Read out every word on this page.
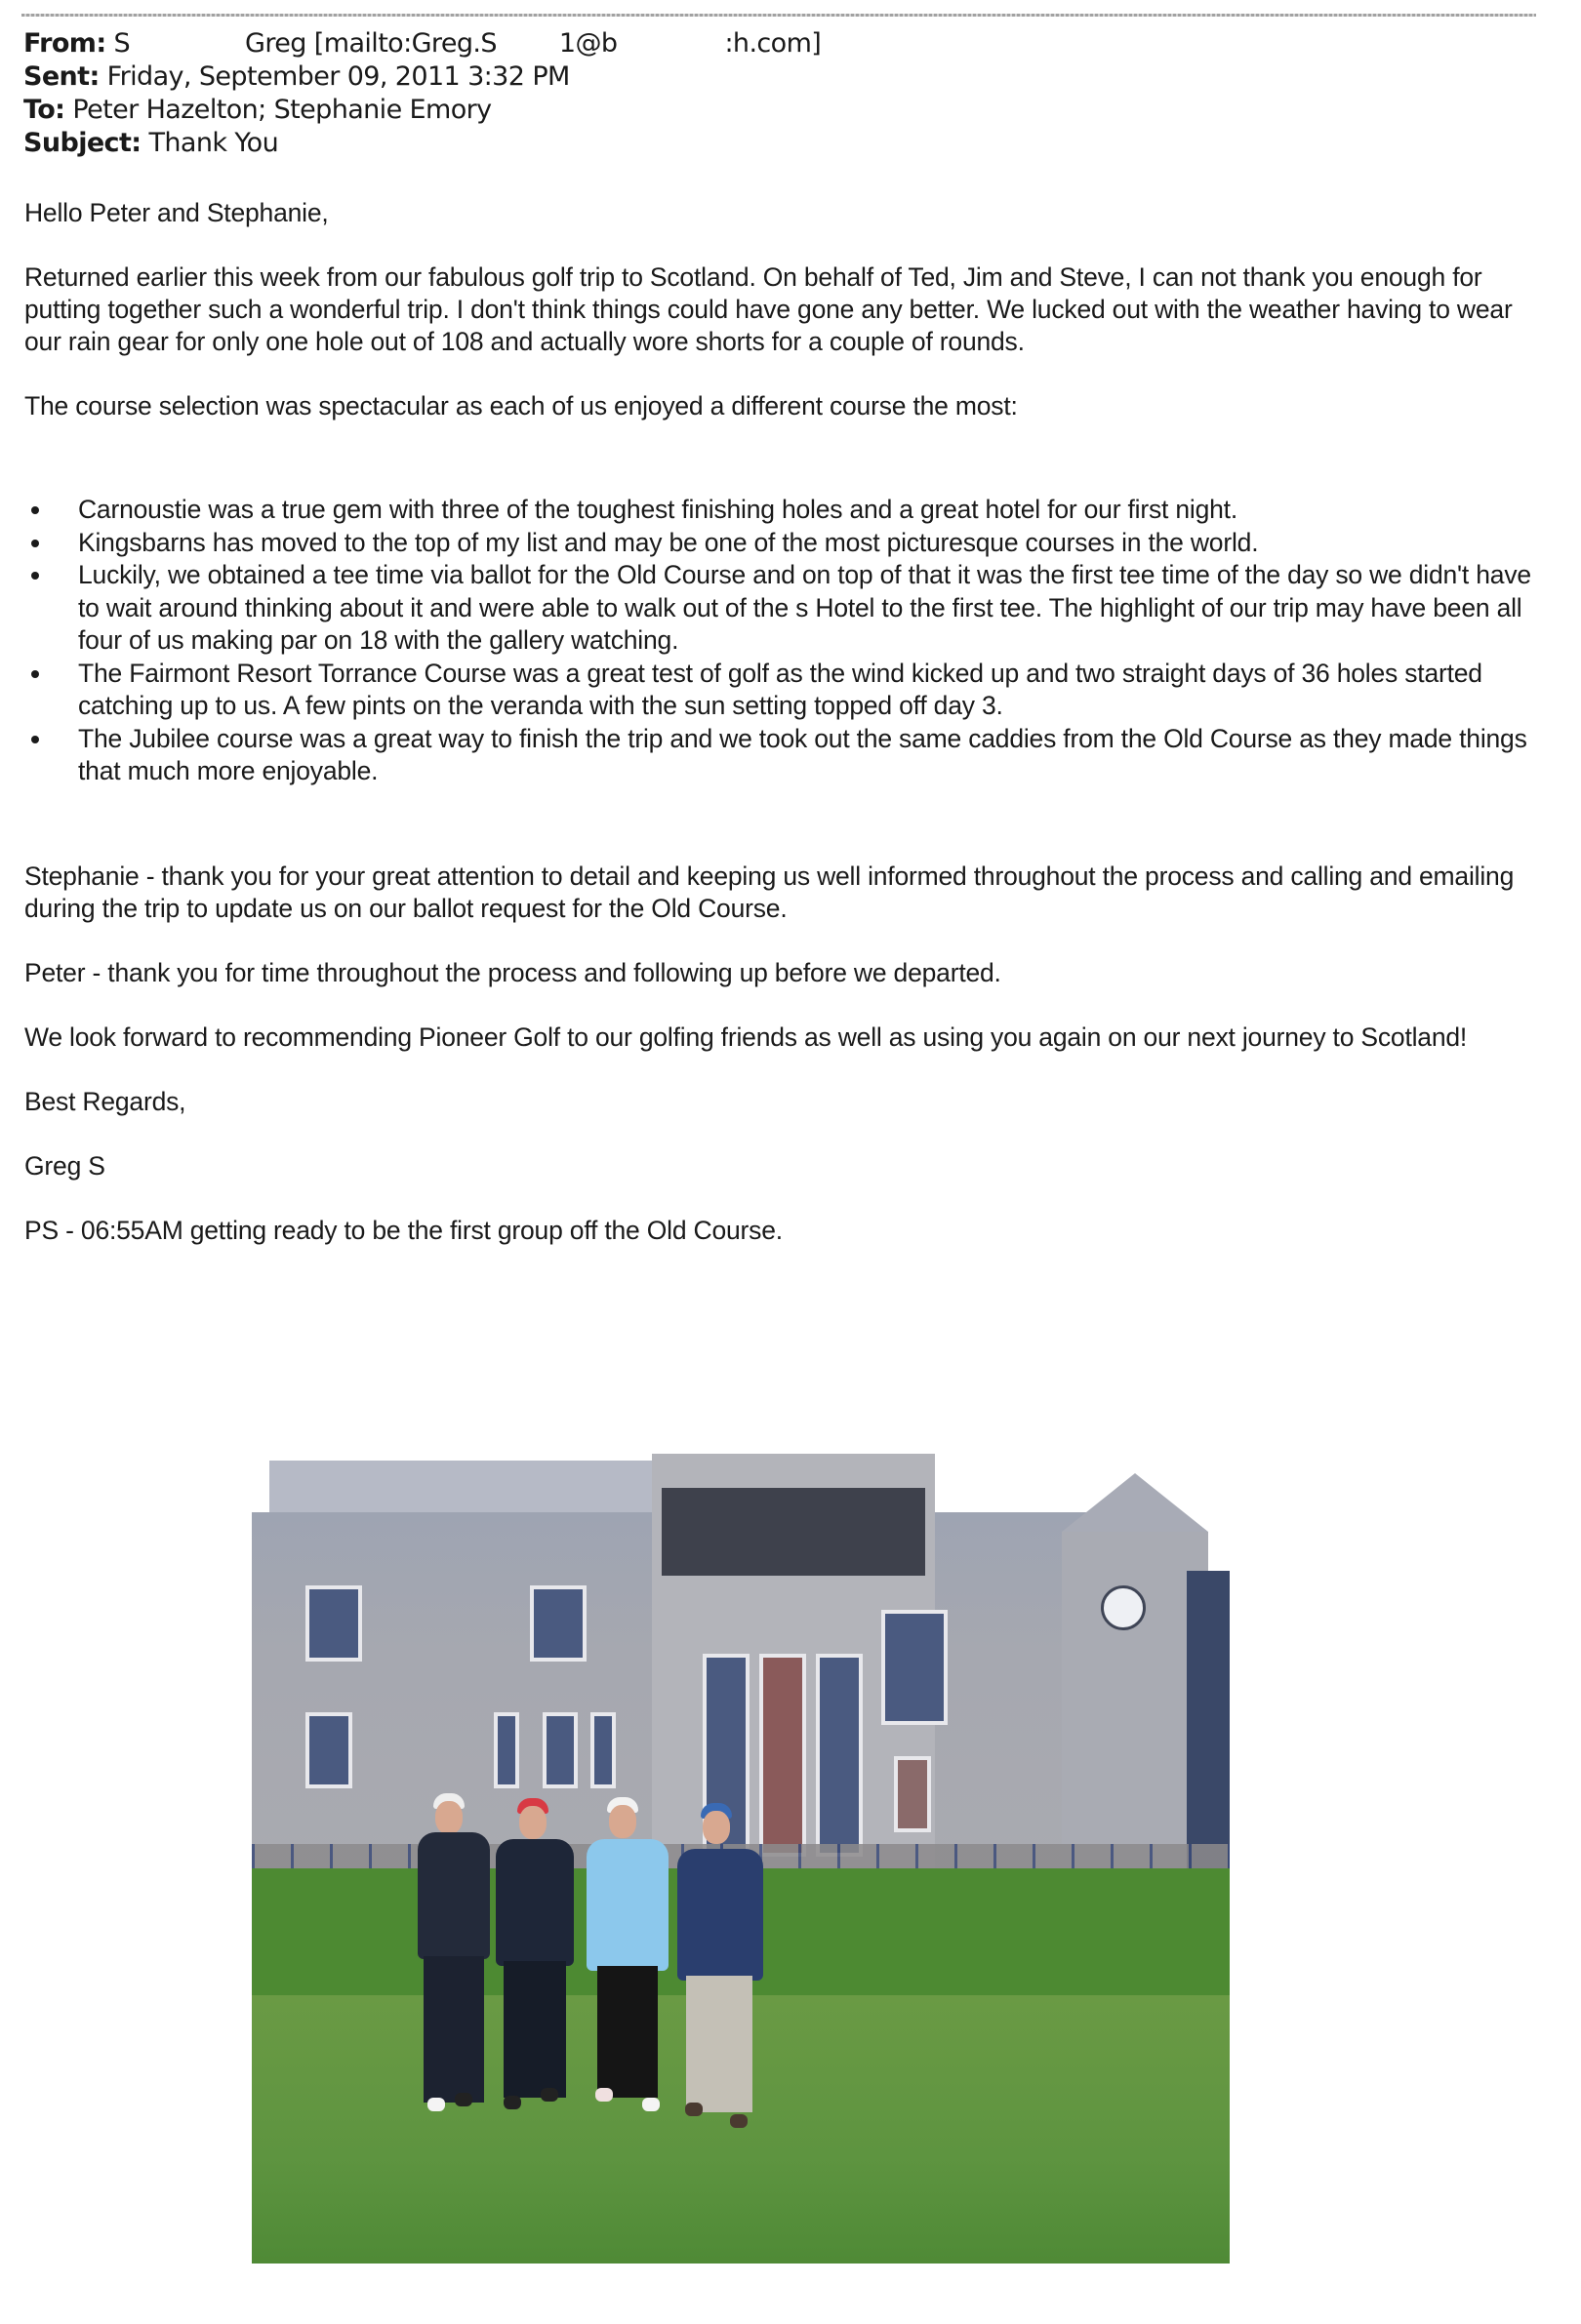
From: S	Greg [mailto:Greg.S 1@b	:h.com]
Sent: Friday, September 09, 2011 3:32 PM
To: Peter Hazelton; Stephanie Emory
Subject: Thank You

Hello Peter and Stephanie,

Returned earlier this week from our fabulous golf trip to Scotland. On behalf of Ted, Jim and Steve, I can not thank you enough for putting together such a wonderful trip. I don't think things could have gone any better. We lucked out with the weather having to wear our rain gear for only one hole out of 108 and actually wore shorts for a couple of rounds.

The course selection was spectacular as each of us enjoyed a different course the most:

Carnoustie was a true gem with three of the toughest finishing holes and a great hotel for our first night.
Kingsbarns has moved to the top of my list and may be one of the most picturesque courses in the world.
Luckily, we obtained a tee time via ballot for the Old Course and on top of that it was the first tee time of the day so we didn't have to wait around thinking about it and were able to walk out of the s Hotel to the first tee. The highlight of our trip may have been all four of us making par on 18 with the gallery watching.
The Fairmont Resort Torrance Course was a great test of golf as the wind kicked up and two straight days of 36 holes started catching up to us. A few pints on the veranda with the sun setting topped off day 3.
The Jubilee course was a great way to finish the trip and we took out the same caddies from the Old Course as they made things that much more enjoyable.

Stephanie - thank you for your great attention to detail and keeping us well informed throughout the process and calling and emailing during the trip to update us on our ballot request for the Old Course.

Peter - thank you for time throughout the process and following up before we departed.

We look forward to recommending Pioneer Golf to our golfing friends as well as using you again on our next journey to Scotland!

Best Regards,

Greg S

PS - 06:55AM getting ready to be the first group off the Old Course.
